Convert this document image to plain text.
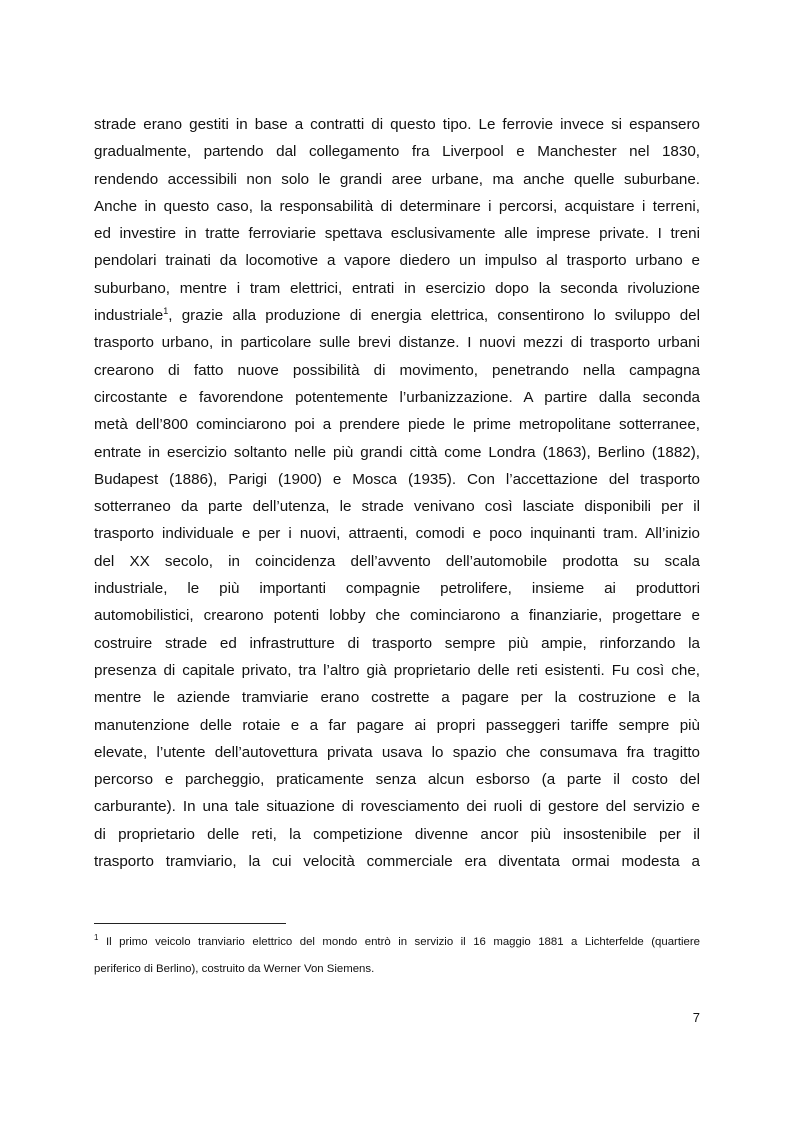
strade erano gestiti in base a contratti di questo tipo. Le ferrovie invece si espansero
gradualmente, partendo dal collegamento fra Liverpool e Manchester nel 1830,
rendendo accessibili non solo le grandi aree urbane, ma anche quelle suburbane.
Anche in questo caso, la responsabilità di determinare i percorsi, acquistare i terreni,
ed investire in tratte ferroviarie spettava esclusivamente alle imprese private. I treni
pendolari trainati da locomotive a vapore diedero un impulso al trasporto urbano e
suburbano, mentre i tram elettrici, entrati in esercizio dopo la seconda rivoluzione
industriale$^1$, grazie alla produzione di energia elettrica, consentirono lo sviluppo del
trasporto urbano, in particolare sulle brevi distanze. I nuovi mezzi di trasporto urbani
crearono di fatto nuove possibilità di movimento, penetrando nella campagna
circostante e favorendone potentemente l’urbanizzazione. A partire dalla seconda
metà dell’800 cominciarono poi a prendere piede le prime metropolitane sotterranee,
entrate in esercizio soltanto nelle più grandi città come Londra (1863), Berlino (1882),
Budapest (1886), Parigi (1900) e Mosca (1935). Con l’accettazione del trasporto
sotterraneo da parte dell’utenza, le strade venivano così lasciate disponibili per il
trasporto individuale e per i nuovi, attraenti, comodi e poco inquinanti tram. All’inizio
del XX secolo, in coincidenza dell’avvento dell’automobile prodotta su scala
industriale, le più importanti compagnie petrolifere, insieme ai produttori
automobilistici, crearono potenti lobby che cominciarono a finanziarie, progettare e
costruire strade ed infrastrutture di trasporto sempre più ampie, rinforzando la
presenza di capitale privato, tra l’altro già proprietario delle reti esistenti. Fu così che,
mentre le aziende tramviarie erano costrette a pagare per la costruzione e la
manutenzione delle rotaie e a far pagare ai propri passeggeri tariffe sempre più
elevate, l’utente dell’autovettura privata usava lo spazio che consumava fra tragitto
percorso e parcheggio, praticamente senza alcun esborso (a parte il costo del
carburante). In una tale situazione di rovesciamento dei ruoli di gestore del servizio e
di proprietario delle reti, la competizione divenne ancor più insostenibile per il
trasporto tramviario, la cui velocità commerciale era diventata ormai modesta a
$^1$ Il primo veicolo tranviario elettrico del mondo entrò in servizio il 16 maggio 1881 a Lichterfelde (quartiere
periferico di Berlino), costruito da Werner Von Siemens.
7
